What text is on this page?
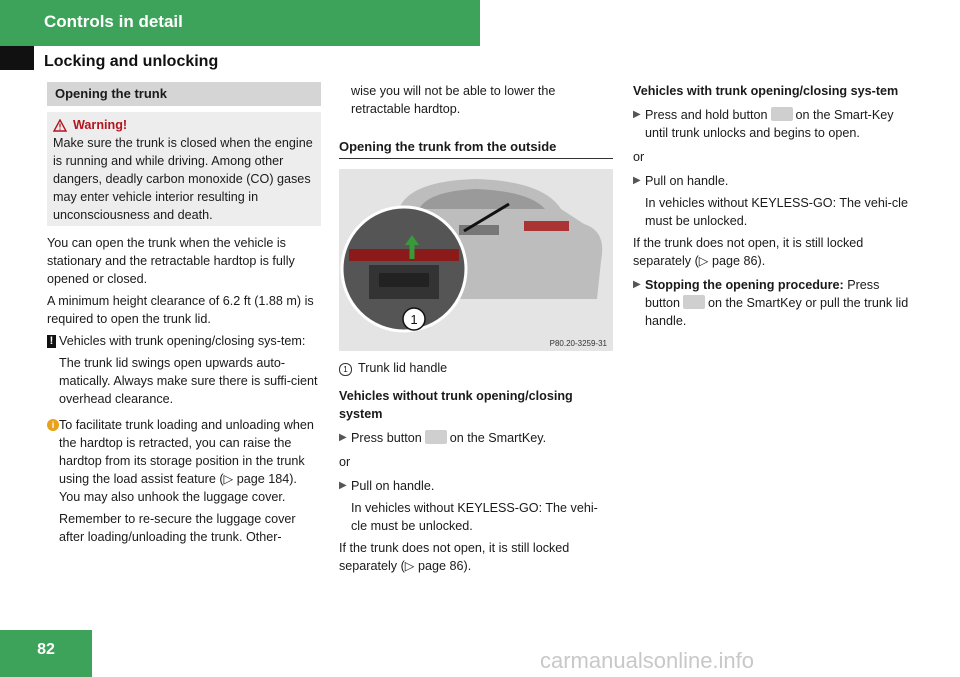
Controls in detail
Locking and unlocking
Opening the trunk
Warning!

Make sure the trunk is closed when the engine is running and while driving. Among other dangers, deadly carbon monoxide (CO) gases may enter vehicle interior resulting in unconsciousness and death.

You can open the trunk when the vehicle is stationary and the retractable hardtop is fully opened or closed.

A minimum height clearance of 6.2 ft (1.88 m) is required to open the trunk lid.

! Vehicles with trunk opening/closing sys-tem:

The trunk lid swings open upwards auto-matically. Always make sure there is suffi-cient overhead clearance.

i To facilitate trunk loading and unloading when the hardtop is retracted, you can raise the hardtop from its storage position in the trunk using the load assist feature (▷ page 184). You may also unhook the luggage cover.

Remember to re-secure the luggage cover after loading/unloading the trunk. Other-

wise you will not be able to lower the retractable hardtop.

Opening the trunk from the outside
1
P80.20-3259-31

1 Trunk lid handle

Vehicles without trunk opening/closing system

▶ Press button on the SmartKey.

or

▶ Pull on handle.

In vehicles without KEYLESS-GO: The vehi-cle must be unlocked.

If the trunk does not open, it is still locked separately (▷ page 86).

Vehicles with trunk opening/closing sys-tem

▶ Press and hold button on the Smart-Key until trunk unlocks and begins to open.

or

▶ Pull on handle.

In vehicles without KEYLESS-GO: The vehi-cle must be unlocked.

If the trunk does not open, it is still locked separately (▷ page 86).

▶ Stopping the opening procedure: Press button on the SmartKey or pull the trunk lid handle.

82	carmanualsonline.info
